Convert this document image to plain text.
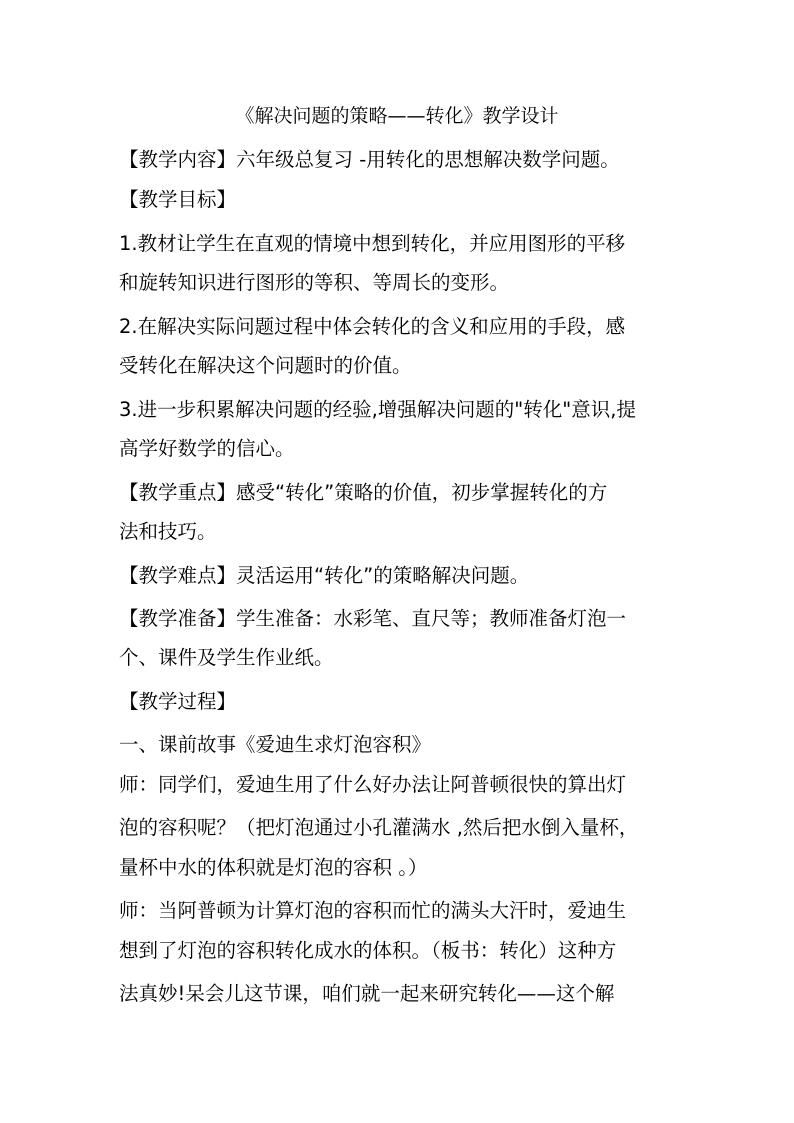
《解决问题的策略——转化》教学设计
【教学内容】六年级总复习 -用转化的思想解决数学问题。
【教学目标】
1.教材让学生在直观的情境中想到转化，并应用图形的平移
和旋转知识进行图形的等积、等周长的变形。
2.在解决实际问题过程中体会转化的含义和应用的手段，感
受转化在解决这个问题时的价值。
3.进一步积累解决问题的经验,增强解决问题的"转化"意识,提
高学好数学的信心。
【教学重点】感受“转化”策略的价值，初步掌握转化的方
法和技巧。
【教学难点】灵活运用“转化”的策略解决问题。
【教学准备】学生准备：水彩笔、直尺等；教师准备灯泡一
个、课件及学生作业纸。
【教学过程】
一、课前故事《爱迪生求灯泡容积》
师：同学们，爱迪生用了什么好办法让阿普顿很快的算出灯
泡的容积呢？（把灯泡通过小孔灌满水 ,然后把水倒入量杯，
量杯中水的体积就是灯泡的容积 。）
师：当阿普顿为计算灯泡的容积而忙的满头大汗时，爱迪生
想到了灯泡的容积转化成水的体积。（板书：转化）这种方
法真妙!呆会儿这节课，咱们就一起来研究转化——这个解
